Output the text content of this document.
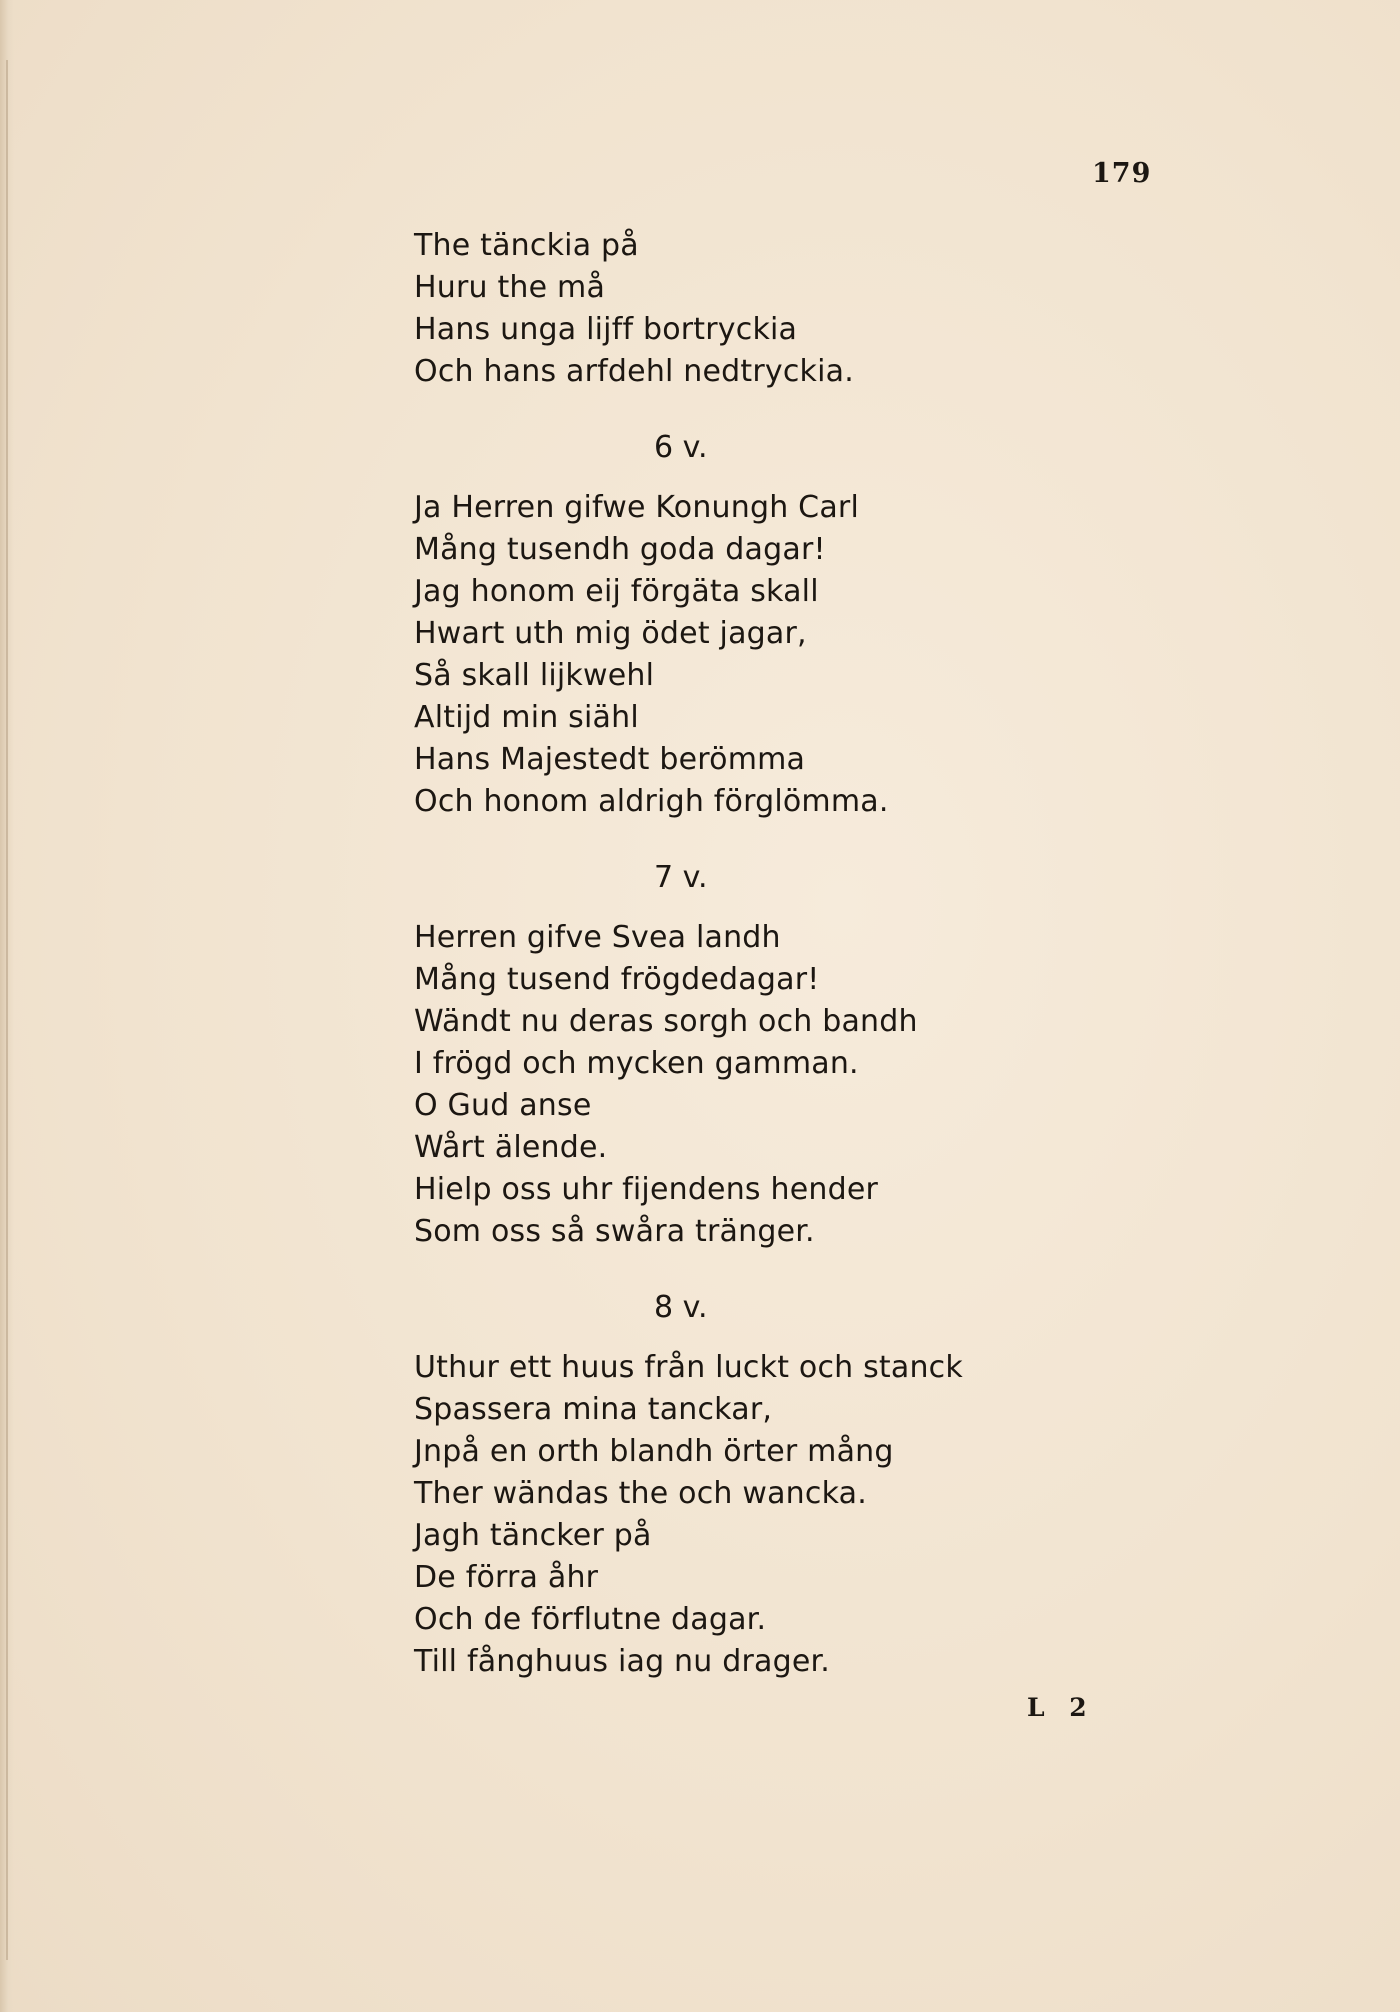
179
The tänckia på
Huru the må
Hans unga lijff bortryckia
Och hans arfdehl nedtryckia.
6 v.
Ja Herren gifwe Konungh Carl
Mång tusendh goda dagar!
Jag honom eij förgäta skall
Hwart uth mig ödet jagar,
Så skall lijkwehl
Altijd min siähl
Hans Majestedt berömma
Och honom aldrigh förglömma.
7 v.
Herren gifve Svea landh
Mång tusend frögdedagar!
Wändt nu deras sorgh och bandh
I frögd och mycken gamman.
O Gud anse
Wårt älende.
Hielp oss uhr fijendens hender
Som oss så swåra tränger.
8 v.
Uthur ett huus från luckt och stanck
Spassera mina tanckar,
Jnpå en orth blandh örter mång
Ther wändas the och wancka.
Jagh täncker på
De förra åhr
Och de förflutne dagar.
Till fånghuus iag nu drager.
L 2
